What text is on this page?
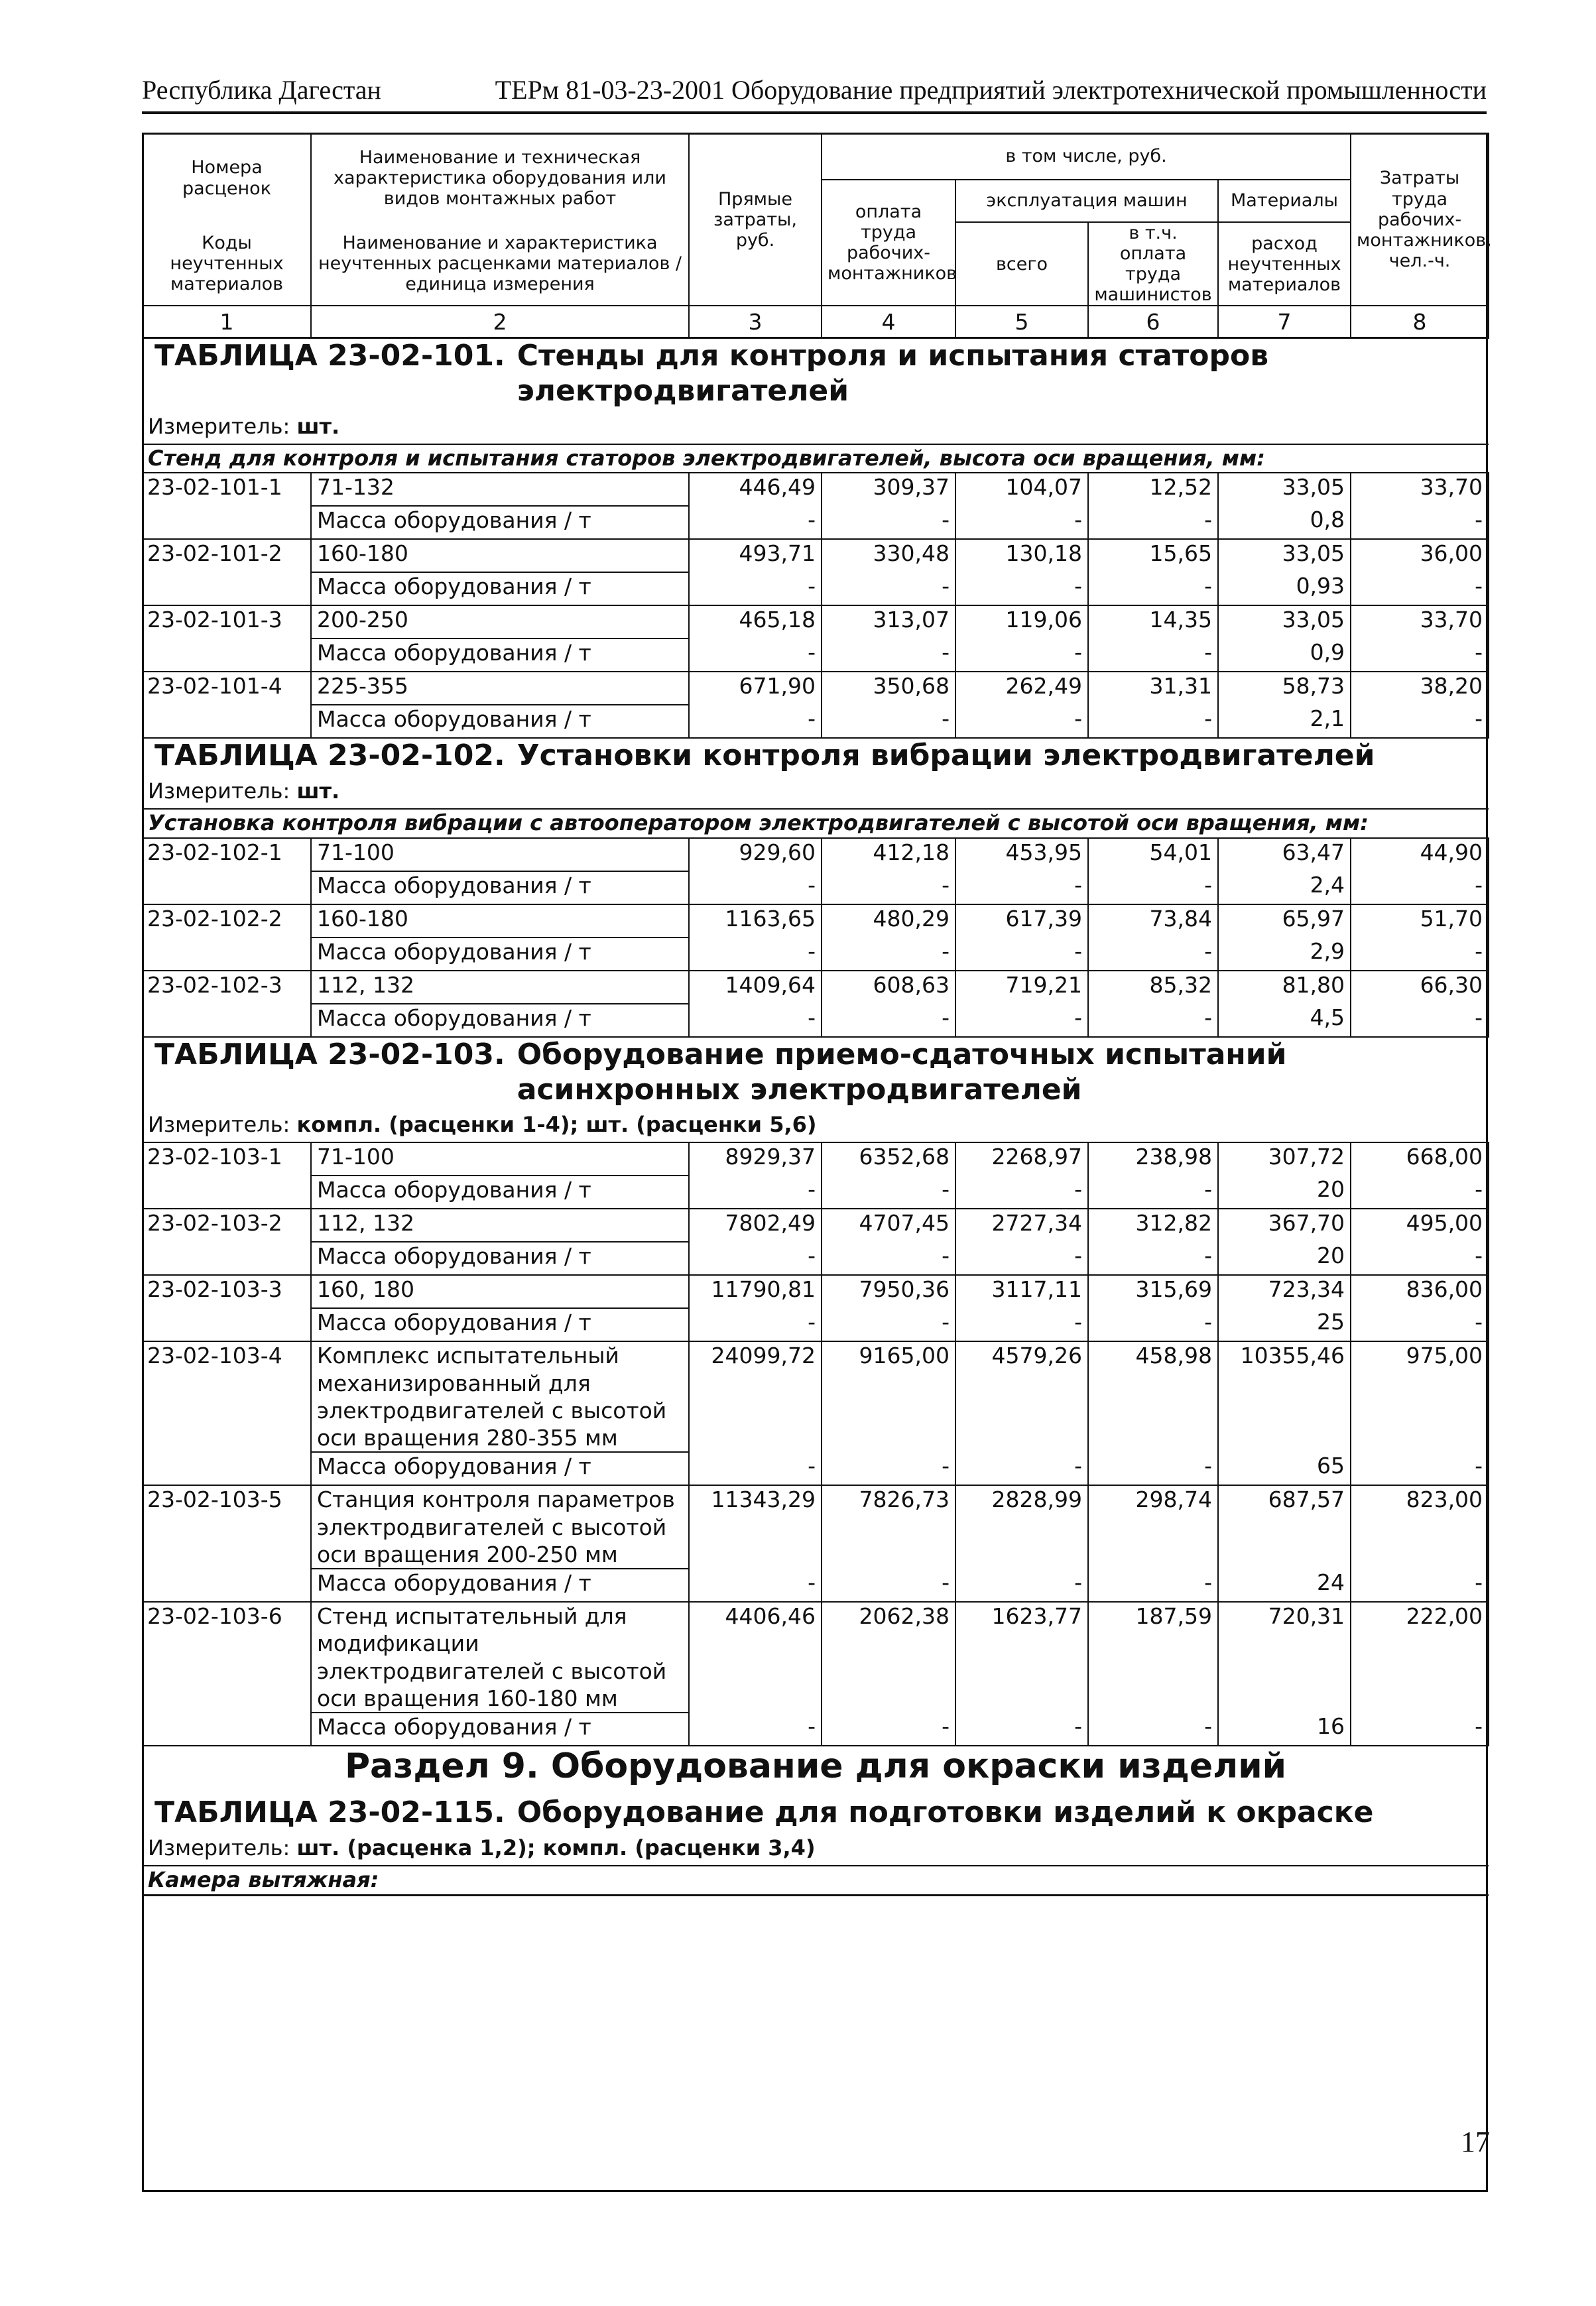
Республика Дагестан	ТЕРм 81-03-23-2001 Оборудование предприятий электротехнической промышленности
Номера расценок	Наименование и техническая характеристика оборудования или видов монтажных работ	Прямые затраты, руб.	в том числе, руб.				Затраты труда рабочих-монтажников, чел.-ч.
			оплата труда рабочих-монтажников	эксплуатация машин		Материалы	
Коды неучтенных материалов	Наименование и характеристика неучтенных расценками материалов / единица измерения			всего	в т.ч. оплата труда машинистов	расход неучтенных материалов	

1	2	3	4	5	6	7	8

ТАБЛИЦА 23-02-101. Стенды для контроля и испытания статоров электродвигателей							

Измеритель: шт.							
Стенд для контроля и испытания статоров электродвигателей, высота оси вращения, мм:							
23-02-101-1	71-132	446,49	309,37	104,07	12,52	33,05	33,70
	Масса оборудования / т	-	-	-	-	0,8	-
23-02-101-2	160-180	493,71	330,48	130,18	15,65	33,05	36,00
	Масса оборудования / т	-	-	-	-	0,93	-
23-02-101-3	200-250	465,18	313,07	119,06	14,35	33,05	33,70
	Масса оборудования / т	-	-	-	-	0,9	-
23-02-101-4	225-355	671,90	350,68	262,49	31,31	58,73	38,20
	Масса оборудования / т	-	-	-	-	2,1	-

ТАБЛИЦА 23-02-102. Установки контроля вибрации электродвигателей							

Измеритель: шт.							
Установка контроля вибрации с автооператором электродвигателей с высотой оси вращения, мм:							
23-02-102-1	71-100	929,60	412,18	453,95	54,01	63,47	44,90
	Масса оборудования / т	-	-	-	-	2,4	-
23-02-102-2	160-180	1163,65	480,29	617,39	73,84	65,97	51,70
	Масса оборудования / т	-	-	-	-	2,9	-
23-02-102-3	112, 132	1409,64	608,63	719,21	85,32	81,80	66,30
	Масса оборудования / т	-	-	-	-	4,5	-

ТАБЛИЦА 23-02-103. Оборудование приемо-сдаточных испытаний асинхронных электродвигателей							

Измеритель: компл. (расценки 1-4); шт. (расценки 5,6)							
23-02-103-1	71-100	8929,37	6352,68	2268,97	238,98	307,72	668,00
	Масса оборудования / т	-	-	-	-	20	-
23-02-103-2	112, 132	7802,49	4707,45	2727,34	312,82	367,70	495,00
	Масса оборудования / т	-	-	-	-	20	-
23-02-103-3	160, 180	11790,81	7950,36	3117,11	315,69	723,34	836,00
	Масса оборудования / т	-	-	-	-	25	-
23-02-103-4	Комплекс испытательный механизированный для электродвигателей с высотой оси вращения 280-355 мм	24099,72	9165,00	4579,26	458,98	10355,46	975,00
	Масса оборудования / т	-	-	-	-	65	-
23-02-103-5	Станция контроля параметров электродвигателей с высотой оси вращения 200-250 мм	11343,29	7826,73	2828,99	298,74	687,57	823,00
	Масса оборудования / т	-	-	-	-	24	-
23-02-103-6	Стенд испытательный для модификации электродвигателей с высотой оси вращения 160-180 мм	4406,46	2062,38	1623,77	187,59	720,31	222,00
	Масса оборудования / т	-	-	-	-	16	-
Раздел 9. Оборудование для окраски изделий							

ТАБЛИЦА 23-02-115. Оборудование для подготовки изделий к окраске							

Измеритель: шт. (расценка 1,2); компл. (расценки 3,4)							
Камера вытяжная:							
17
